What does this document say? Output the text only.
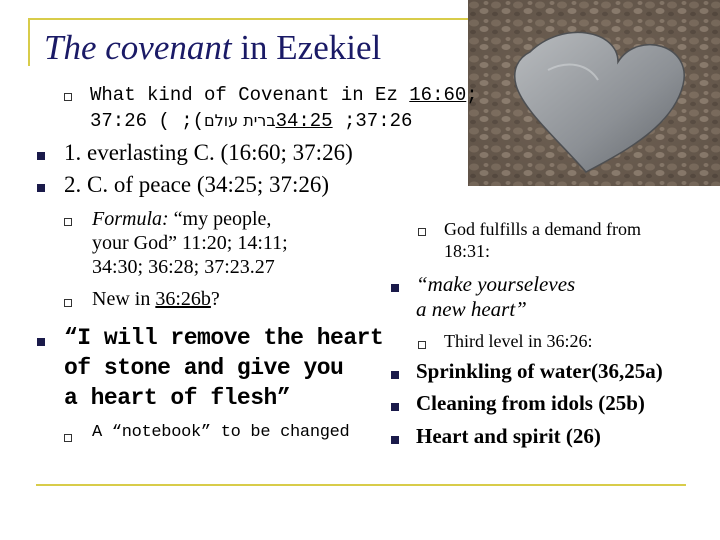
The covenant in Ezekiel
What kind of Covenant in Ez 16:60;
37:26 ( ;(ברית עולם34:25 ;37:26
1. everlasting C. (16:60; 37:26)
2. C. of peace (34:25; 37:26)
Formula: “my people,
your God” 11:20; 14:11;
34:30; 36:28; 37:23.27
New in 36:26b?
“I will remove the heart
of stone and give you
a heart of flesh”
A “notebook” to be changed
God fulfills a demand from
18:31:
“make yourseleves
a new heart”
Third level in 36:26:
Sprinkling of water(36,25a)
Cleaning from idols (25b)
Heart and spirit (26)
